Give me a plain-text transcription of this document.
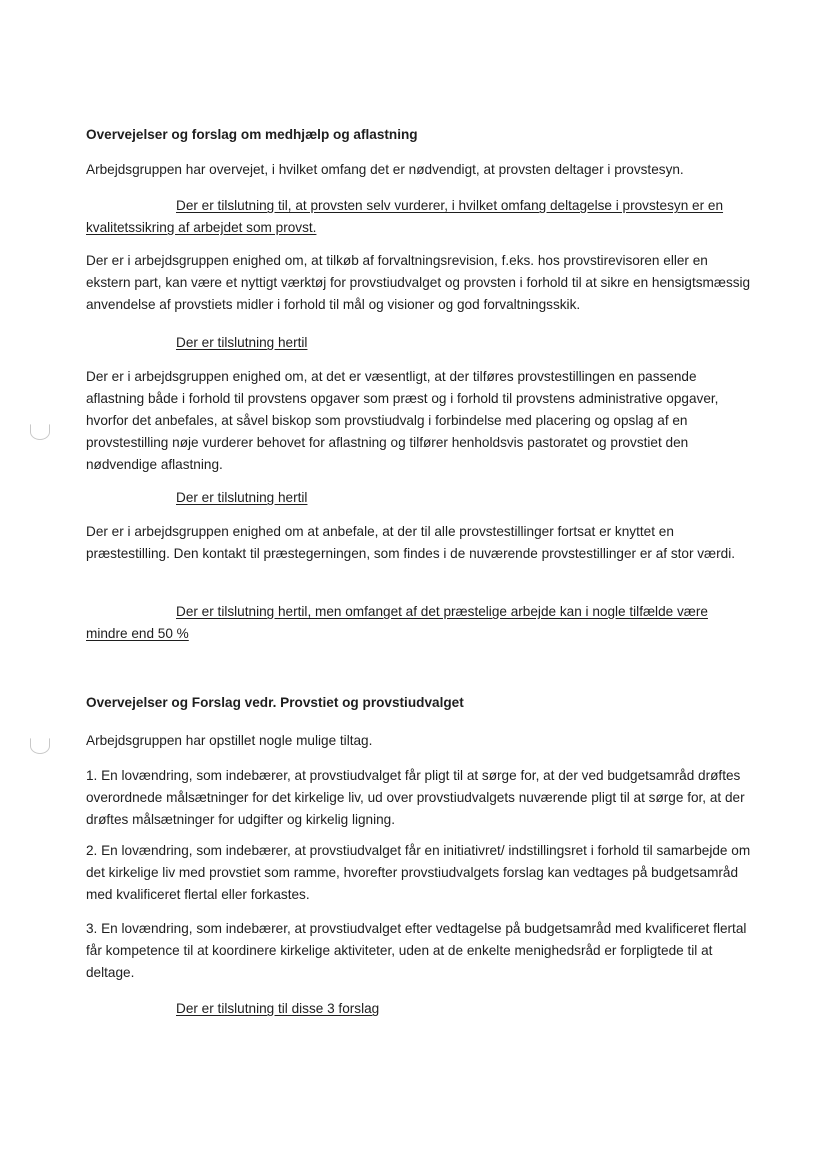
Overvejelser og forslag om medhjælp og aflastning

Arbejdsgruppen har overvejet, i hvilket omfang det er nødvendigt, at provsten deltager i provstesyn.

Der er tilslutning til, at provsten selv vurderer, i hvilket omfang deltagelse i provstesyn er en kvalitetssikring af arbejdet som provst.

Der er i arbejdsgruppen enighed om, at tilkøb af forvaltningsrevision, f.eks. hos provstirevisoren eller en ekstern part, kan være et nyttigt værktøj for provstiudvalget og provsten i forhold til at sikre en hensigtsmæssig anvendelse af provstiets midler i forhold til mål og visioner og god forvaltningsskik.

Der er tilslutning hertil

Der er i arbejdsgruppen enighed om, at det er væsentligt, at der tilføres provstestillingen en passende aflastning både i forhold til provstens opgaver som præst og i forhold til provstens administrative opgaver, hvorfor det anbefales, at såvel biskop som provstiudvalg i forbindelse med placering og opslag af en provstestilling nøje vurderer behovet for aflastning og tilfører henholdsvis pastoratet og provstiet den nødvendige aflastning.

Der er tilslutning hertil

Der er i arbejdsgruppen enighed om at anbefale, at der til alle provstestillinger fortsat er knyttet en præstestilling. Den kontakt til præstegerningen, som findes i de nuværende provstestillinger er af stor værdi.

Der er tilslutning hertil, men omfanget af det præstelige arbejde kan i nogle tilfælde være mindre end 50 %

Overvejelser og Forslag vedr. Provstiet og provstiudvalget

Arbejdsgruppen har opstillet nogle mulige tiltag.

1. En lovændring, som indebærer, at provstiudvalget får pligt til at sørge for, at der ved budgetsamråd drøftes overordnede målsætninger for det kirkelige liv, ud over provstiudvalgets nuværende pligt til at sørge for, at der drøftes målsætninger for udgifter og kirkelig ligning.

2. En lovændring, som indebærer, at provstiudvalget får en initiativret/ indstillingsret i forhold til samarbejde om det kirkelige liv med provstiet som ramme, hvorefter provstiudvalgets forslag kan vedtages på budgetsamråd med kvalificeret flertal eller forkastes.

3. En lovændring, som indebærer, at provstiudvalget efter vedtagelse på budgetsamråd med kvalificeret flertal får kompetence til at koordinere kirkelige aktiviteter, uden at de enkelte menighedsråd er forpligtede til at deltage.

Der er tilslutning til disse 3 forslag
